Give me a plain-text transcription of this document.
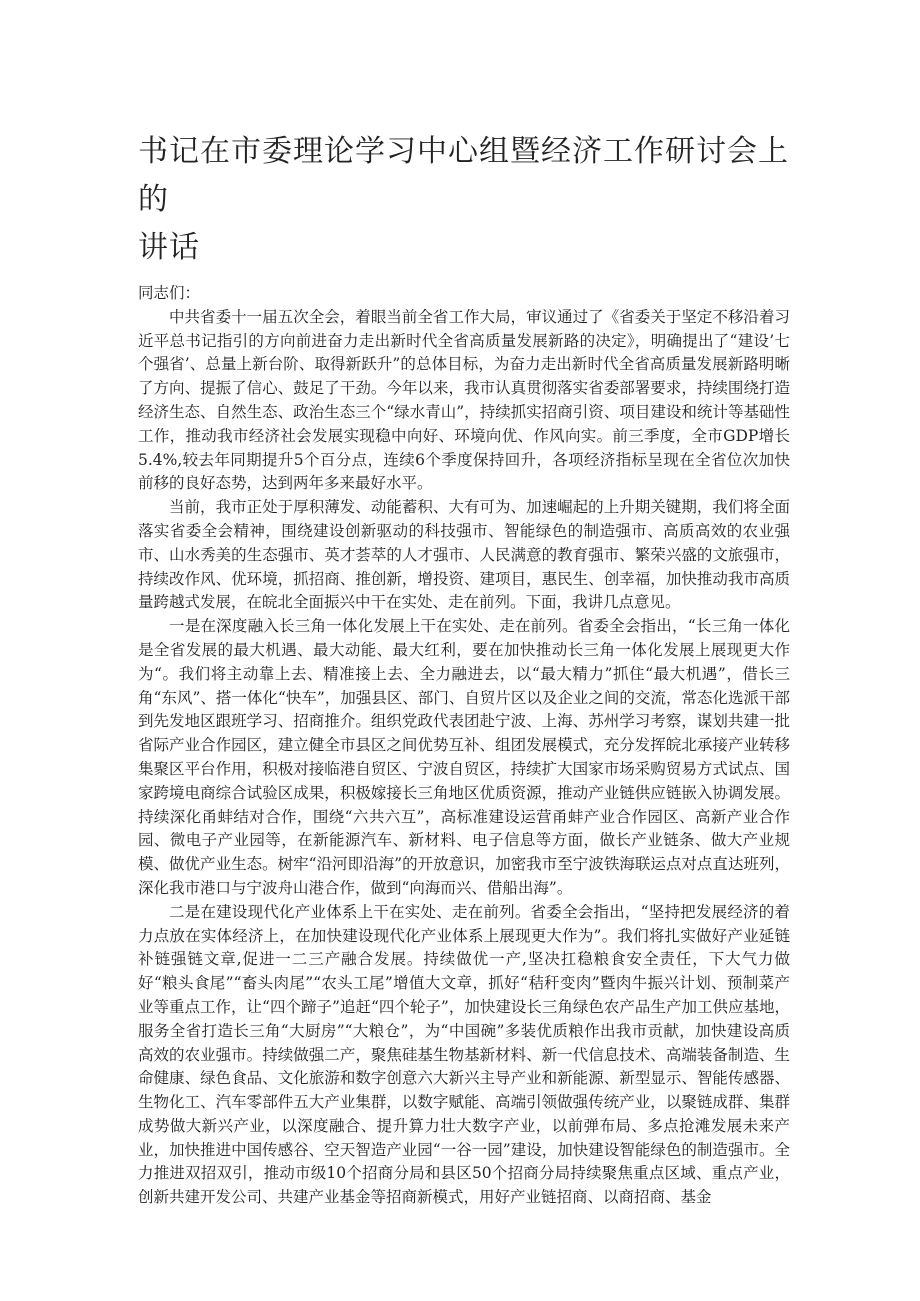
书记在市委理论学习中心组暨经济工作研讨会上的
讲话

同志们：

中共省委十一届五次全会，着眼当前全省工作大局，审议通过了《省委关于坚定不移沿着习近平总书记指引的方向前进奋力走出新时代全省高质量发展新路的决定》，明确提出了“建设’七个强省’、总量上新台阶、取得新跃升”的总体目标，为奋力走出新时代全省高质量发展新路明晰了方向、提振了信心、鼓足了干劲。今年以来，我市认真贯彻落实省委部署要求，持续围绕打造经济生态、自然生态、政治生态三个“绿水青山”，持续抓实招商引资、项目建设和统计等基础性工作，推动我市经济社会发展实现稳中向好、环境向优、作风向实。前三季度，全市GDP增长5.4%,较去年同期提升5个百分点，连续6个季度保持回升，各项经济指标呈现在全省位次加快前移的良好态势，达到两年多来最好水平。

当前，我市正处于厚积薄发、动能蓄积、大有可为、加速崛起的上升期关键期，我们将全面落实省委全会精神，围绕建设创新驱动的科技强市、智能绿色的制造强市、高质高效的农业强市、山水秀美的生态强市、英才荟萃的人才强市、人民满意的教育强市、繁荣兴盛的文旅强市，持续改作风、优环境，抓招商、推创新，增投资、建项目，惠民生、创幸福，加快推动我市高质量跨越式发展，在皖北全面振兴中干在实处、走在前列。下面，我讲几点意见。

一是在深度融入长三角一体化发展上干在实处、走在前列。省委全会指出，“长三角一体化是全省发展的最大机遇、最大动能、最大红利，要在加快推动长三角一体化发展上展现更大作为“。我们将主动靠上去、精准接上去、全力融进去，以“最大精力”抓住“最大机遇”，借长三角“东风”、搭一体化“快车”，加强县区、部门、自贸片区以及企业之间的交流，常态化选派干部到先发地区跟班学习、招商推介。组织党政代表团赴宁波、上海、苏州学习考察，谋划共建一批省际产业合作园区，建立健全市县区之间优势互补、组团发展模式，充分发挥皖北承接产业转移集聚区平台作用，积极对接临港自贸区、宁波自贸区，持续扩大国家市场采购贸易方式试点、国家跨境电商综合试验区成果，积极嫁接长三角地区优质资源，推动产业链供应链嵌入协调发展。持续深化甬蚌结对合作，围绕“六共六互”，高标准建设运营甬蚌产业合作园区、高新产业合作园、微电子产业园等，在新能源汽车、新材料、电子信息等方面，做长产业链条、做大产业规模、做优产业生态。树牢“沿河即沿海”的开放意识，加密我市至宁波铁海联运点对点直达班列，深化我市港口与宁波舟山港合作，做到“向海而兴、借船出海”。

二是在建设现代化产业体系上干在实处、走在前列。省委全会指出，“坚持把发展经济的着力点放在实体经济上，在加快建设现代化产业体系上展现更大作为”。我们将扎实做好产业延链补链强链文章,促进一二三产融合发展。持续做优一产,坚决扛稳粮食安全责任，下大气力做好“粮头食尾”“畜头肉尾”“农头工尾”增值大文章，抓好“秸秆变肉”暨肉牛振兴计划、预制菜产业等重点工作，让“四个蹄子”追赶“四个轮子”，加快建设长三角绿色农产品生产加工供应基地，服务全省打造长三角“大厨房”“大粮仓”，为“中国碗”多装优质粮作出我市贡献，加快建设高质高效的农业强市。持续做强二产，聚焦硅基生物基新材料、新一代信息技术、高端装备制造、生命健康、绿色食品、文化旅游和数字创意六大新兴主导产业和新能源、新型显示、智能传感器、生物化工、汽车零部件五大产业集群，以数字赋能、高端引领做强传统产业，以聚链成群、集群成势做大新兴产业，以深度融合、提升算力壮大数字产业，以前弹布局、多点抢滩发展未来产业，加快推进中国传感谷、空天智造产业园“一谷一园”建设，加快建设智能绿色的制造强市。全力推进双招双引，推动市级10个招商分局和县区50个招商分局持续聚焦重点区域、重点产业，创新共建开发公司、共建产业基金等招商新模式，用好产业链招商、以商招商、基金
